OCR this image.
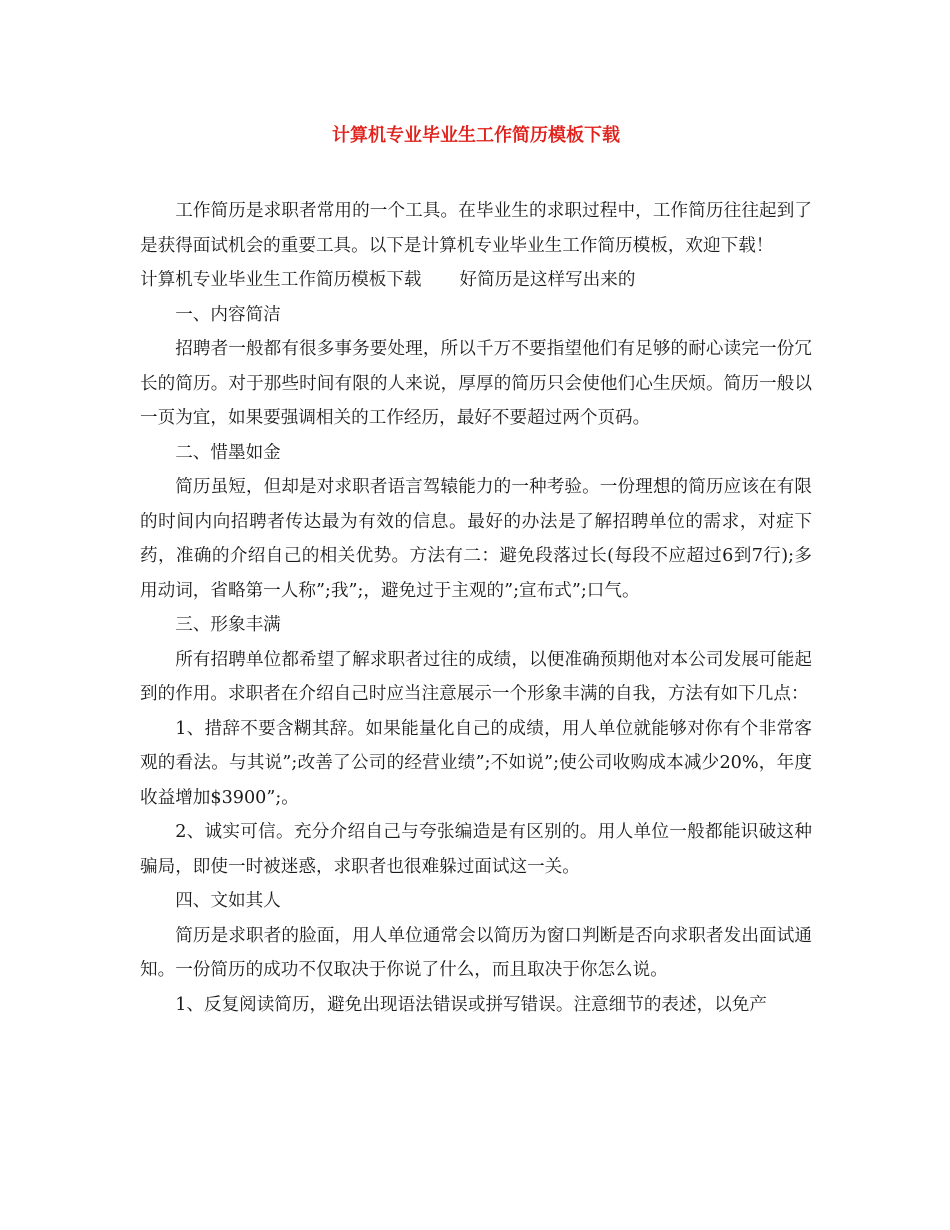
计算机专业毕业生工作简历模板下载

工作简历是求职者常用的一个工具。在毕业生的求职过程中，工作简历往往起到了是获得面试机会的重要工具。以下是计算机专业毕业生工作简历模板，欢迎下载！

计算机专业毕业生工作简历模板下载 好简历是这样写出来的

一、内容简洁

招聘者一般都有很多事务要处理，所以千万不要指望他们有足够的耐心读完一份冗长的简历。对于那些时间有限的人来说，厚厚的简历只会使他们心生厌烦。简历一般以一页为宜，如果要强调相关的工作经历，最好不要超过两个页码。

二、惜墨如金

简历虽短，但却是对求职者语言驾辕能力的一种考验。一份理想的简历应该在有限的时间内向招聘者传达最为有效的信息。最好的办法是了解招聘单位的需求，对症下药，准确的介绍自己的相关优势。方法有二：避免段落过长(每段不应超过6到7行);多用动词，省略第一人称”;我”;，避免过于主观的”;宣布式”;口气。

三、形象丰满

所有招聘单位都希望了解求职者过往的成绩，以便准确预期他对本公司发展可能起到的作用。求职者在介绍自己时应当注意展示一个形象丰满的自我，方法有如下几点：

1、措辞不要含糊其辞。如果能量化自己的成绩，用人单位就能够对你有个非常客观的看法。与其说”;改善了公司的经营业绩”;不如说”;使公司收购成本减少20%，年度收益增加$3900”;。

2、诚实可信。充分介绍自己与夸张编造是有区别的。用人单位一般都能识破这种骗局，即使一时被迷惑，求职者也很难躲过面试这一关。

四、文如其人

简历是求职者的脸面，用人单位通常会以简历为窗口判断是否向求职者发出面试通知。一份简历的成功不仅取决于你说了什么，而且取决于你怎么说。

1、反复阅读简历，避免出现语法错误或拼写错误。注意细节的表述，以免产
